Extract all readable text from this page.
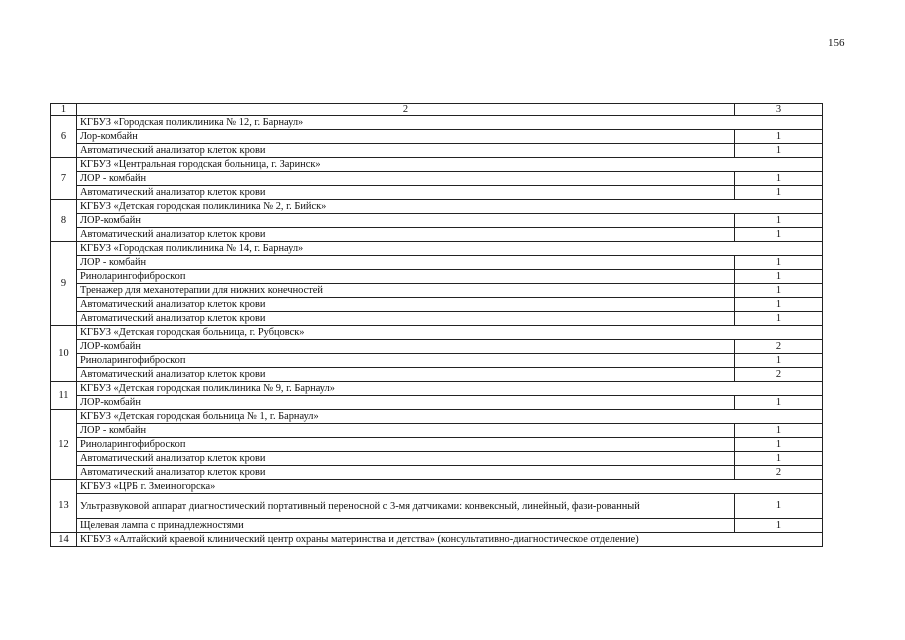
156
1	2	3
6	КГБУЗ «Городская поликлиника № 12, г. Барнаул»	
	Лор-комбайн	1
	Автоматический анализатор клеток крови	1
7	КГБУЗ «Центральная городская больница, г. Заринск»	
	ЛОР - комбайн	1
	Автоматический анализатор клеток крови	1
8	КГБУЗ «Детская городская поликлиника № 2, г. Бийск»	
	ЛОР-комбайн	1
	Автоматический анализатор клеток крови	1
9	КГБУЗ «Городская поликлиника № 14, г. Барнаул»	
	ЛОР - комбайн	1
	Риноларингофиброскоп	1
	Тренажер для механотерапии для нижних конечностей	1
	Автоматический анализатор клеток крови	1
	Автоматический анализатор клеток крови	1
10	КГБУЗ «Детская городская больница, г. Рубцовск»	
	ЛОР-комбайн	2
	Риноларингофиброскоп	1
	Автоматический анализатор клеток крови	2
11	КГБУЗ «Детская городская поликлиника № 9, г. Барнаул»	
	ЛОР-комбайн	1
12	КГБУЗ «Детская городская больница № 1, г. Барнаул»	
	ЛОР - комбайн	1
	Риноларингофиброскоп	1
	Автоматический анализатор клеток крови	1
	Автоматический анализатор клеток крови	2
13	КГБУЗ «ЦРБ г. Змеиногорска»	
	Ультразвуковой аппарат диагностический портативный переносной с 3-мя датчиками: конвексный, линейный, фази-рованный	1
	Щелевая лампа с принадлежностями	1
14	КГБУЗ «Алтайский краевой клинический центр охраны материнства и детства» (консультативно-диагностическое отделение)	
